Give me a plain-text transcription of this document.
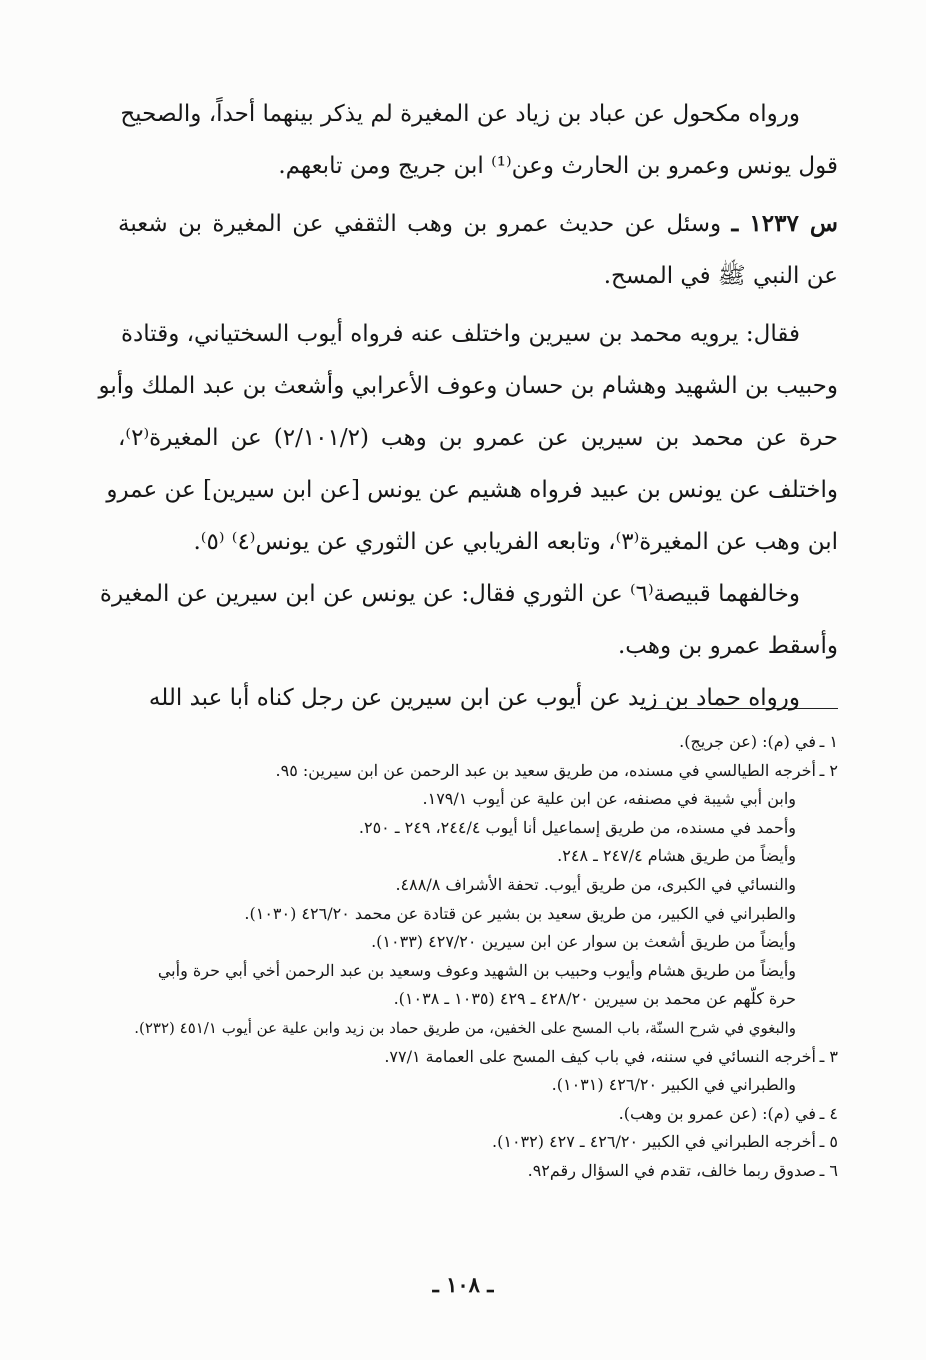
ورواه مكحول عن عباد بن زياد عن المغيرة لم يذكر بينهما أحداً، والصحيح
قول يونس وعمرو بن الحارث وعن⁽¹⁾ ابن جريج ومن تابعهم.
س ١٢٣٧ ـ وسئل عن حديث عمرو بن وهب الثقفي عن المغيرة بن شعبة
عن النبي ﷺ في المسح.
فقال: يرويه محمد بن سيرين واختلف عنه فرواه أيوب السختياني، وقتادة
وحبيب بن الشهيد وهشام بن حسان وعوف الأعرابي وأشعث بن عبد الملك وأبو
حرة عن محمد بن سيرين عن عمرو بن وهب (٢/١٠١/٢) عن المغيرة⁽٢⁾،
واختلف عن يونس بن عبيد فرواه هشيم عن يونس [عن ابن سيرين] عن عمرو
ابن وهب عن المغيرة⁽٣⁾، وتابعه الفريابي عن الثوري عن يونس⁽٤⁾ ⁽٥⁾.
وخالفهما قبيصة⁽٦⁾ عن الثوري فقال: عن يونس عن ابن سيرين عن المغيرة
وأسقط عمرو بن وهب.
ورواه حماد بن زيد عن أيوب عن ابن سيرين عن رجل كناه أبا عبد الله
١ ـفي (م): (عن جريج).
٢ ـأخرجه الطيالسي في مسنده، من طريق سعيد بن عبد الرحمن عن ابن سيرين: ٩٥.
وابن أبي شيبة في مصنفه، عن ابن علية عن أيوب ١٧٩/١.
وأحمد في مسنده، من طريق إسماعيل أنا أيوب ٢٤٤/٤، ٢٤٩ ـ ٢٥٠.
وأيضاً من طريق هشام ٢٤٧/٤ ـ ٢٤٨.
والنسائي في الكبرى، من طريق أيوب. تحفة الأشراف ٤٨٨/٨.
والطبراني في الكبير، من طريق سعيد بن بشير عن قتادة عن محمد ٤٢٦/٢٠ (١٠٣٠).
وأيضاً من طريق أشعث بن سوار عن ابن سيرين ٤٢٧/٢٠ (١٠٣٣).
وأيضاً من طريق هشام وأيوب وحبيب بن الشهيد وعوف وسعيد بن عبد الرحمن أخي أبي حرة وأبي
حرة كلّهم عن محمد بن سيرين ٤٢٨/٢٠ ـ ٤٢٩ (١٠٣٥ ـ ١٠٣٨).
والبغوي في شرح السنّة، باب المسح على الخفين، من طريق حماد بن زيد وابن علية عن أيوب ٤٥١/١ (٢٣٢).
٣ ـأخرجه النسائي في سننه، في باب كيف المسح على العمامة ٧٧/١.
والطبراني في الكبير ٤٢٦/٢٠ (١٠٣١).
٤ ـفي (م): (عن عمرو بن وهب).
٥ ـأخرجه الطبراني في الكبير ٤٢٦/٢٠ ـ ٤٢٧ (١٠٣٢).
٦ ـصدوق ربما خالف، تقدم في السؤال رقم٩٢.
ـ ١٠٨ ـ
